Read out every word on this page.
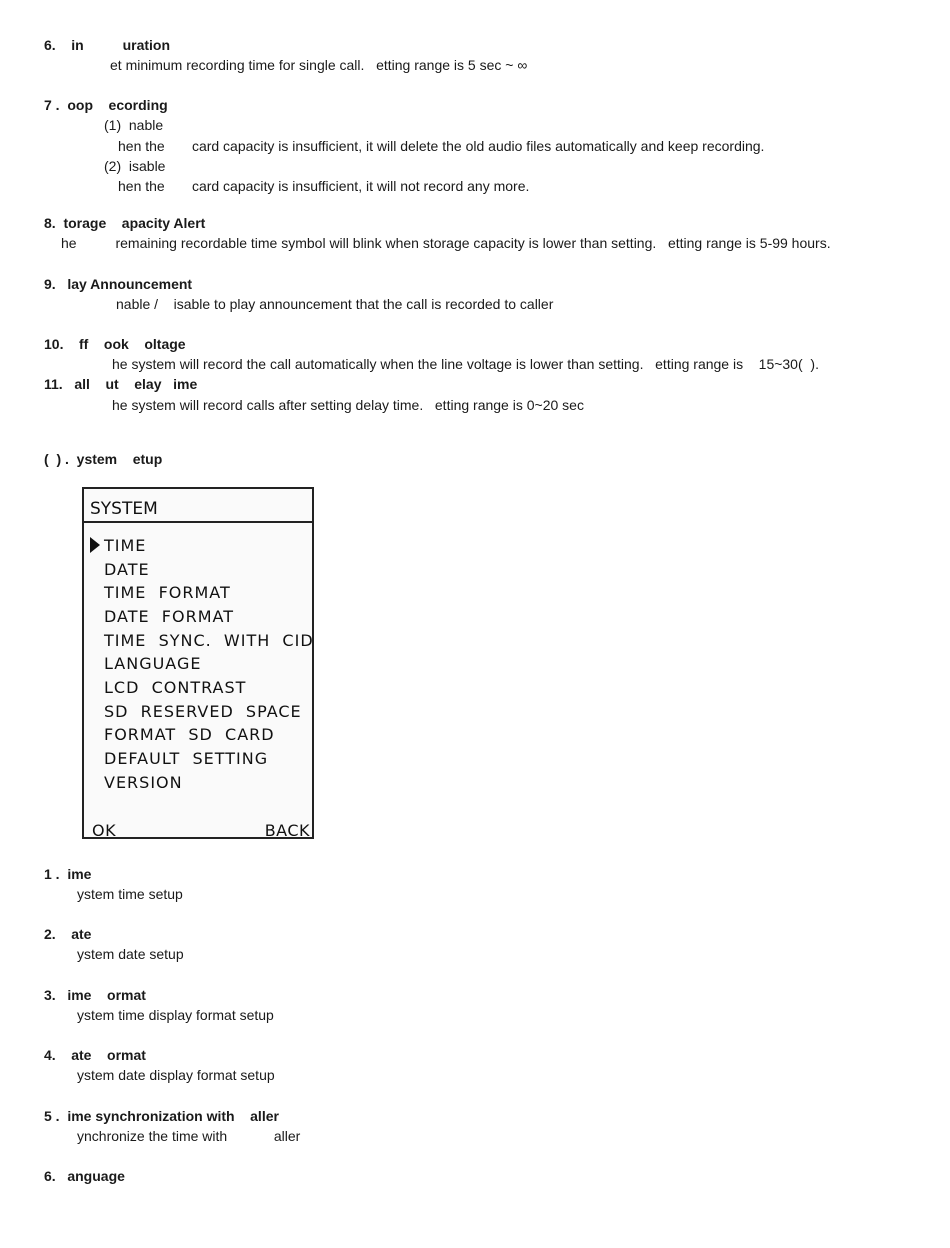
6.    in          uration
et minimum recording time for single call.   etting range is 5 sec ~ ∞
7 .  oop    ecording
(1)  nable
hen the       card capacity is insufficient, it will delete the old audio files automatically and keep recording.
(2)  isable
hen the       card capacity is insufficient, it will not record any more.
8.  torage    apacity Alert
he          remaining recordable time symbol will blink when storage capacity is lower than setting.   etting range is 5-99 hours.
9.   lay Announcement
nable /    isable to play announcement that the call is recorded to caller
10.    ff    ook    oltage
he system will record the call automatically when the line voltage is lower than setting.   etting range is    15~30(  ).
11.   all    ut    elay   ime
he system will record calls after setting delay time.   etting range is 0~20 sec
(  ) .  ystem    etup
SYSTEM
TIME
DATE
TIME  FORMAT
DATE  FORMAT
TIME  SYNC.  WITH  CID
LANGUAGE
LCD  CONTRAST
SD  RESERVED  SPACE
FORMAT  SD  CARD
DEFAULT  SETTING
VERSION
OK	BACK
1 .  ime
ystem time setup
2.    ate
ystem date setup
3.   ime    ormat
ystem time display format setup
4.    ate    ormat
ystem date display format setup
5 .  ime synchronization with    aller
ynchronize the time with            aller
6.   anguage
